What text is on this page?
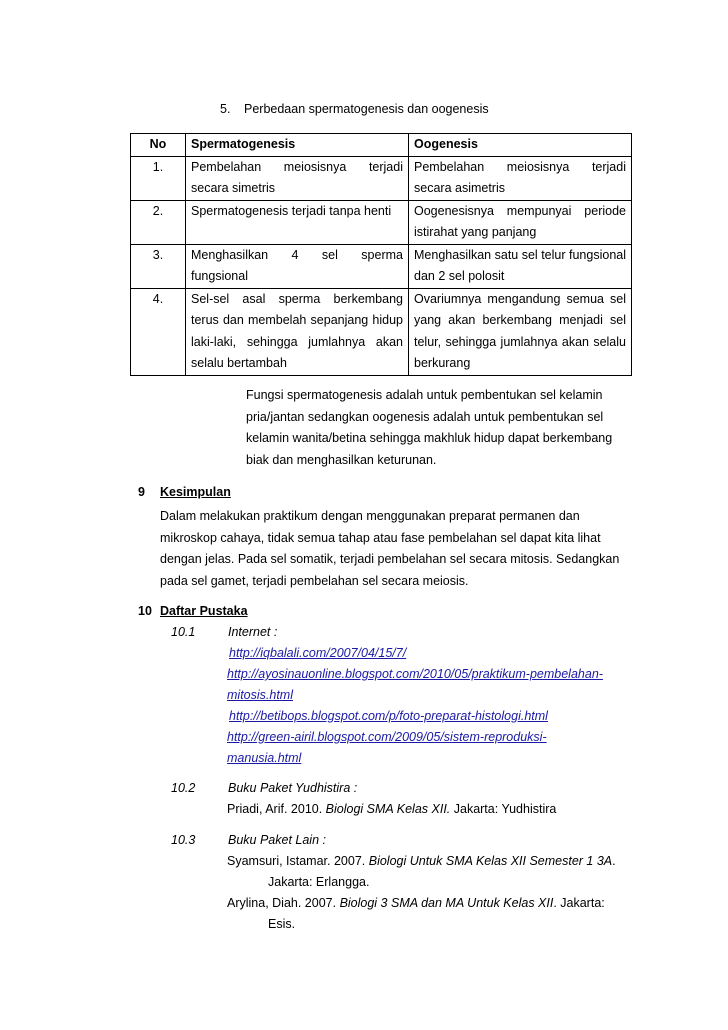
5. Perbedaan spermatogenesis dan oogenesis
No	Spermatogenesis	Oogenesis
1.	Pembelahan meiosisnya terjadi secara simetris	Pembelahan meiosisnya terjadi secara asimetris
2.	Spermatogenesis terjadi tanpa henti	Oogenesisnya mempunyai periode istirahat yang panjang
3.	Menghasilkan 4 sel sperma fungsional	Menghasilkan satu sel telur fungsional dan 2 sel polosit
4.	Sel-sel asal sperma berkembang terus dan membelah sepanjang hidup laki-laki, sehingga jumlahnya akan selalu bertambah	Ovariumnya mengandung semua sel yang akan berkembang menjadi sel telur, sehingga jumlahnya akan selalu berkurang
Fungsi spermatogenesis adalah untuk pembentukan sel kelamin pria/jantan sedangkan oogenesis adalah untuk pembentukan sel kelamin wanita/betina sehingga makhluk hidup dapat berkembang biak dan menghasilkan keturunan.
9 Kesimpulan
Dalam melakukan praktikum dengan menggunakan preparat permanen dan mikroskop cahaya, tidak semua tahap atau fase pembelahan sel dapat kita lihat dengan jelas. Pada sel somatik, terjadi pembelahan sel secara mitosis. Sedangkan pada sel gamet, terjadi pembelahan sel secara meiosis.
10 Daftar Pustaka
10.1	Internet :
http://iqbalali.com/2007/04/15/7/
http://ayosinauonline.blogspot.com/2010/05/praktikum-pembelahan-
mitosis.html
http://betibops.blogspot.com/p/foto-preparat-histologi.html
http://green-airil.blogspot.com/2009/05/sistem-reproduksi-
manusia.html
10.2	Buku Paket Yudhistira :
Priadi, Arif. 2010. Biologi SMA Kelas XII. Jakarta: Yudhistira
10.3	Buku Paket Lain :
Syamsuri, Istamar. 2007. Biologi Untuk SMA Kelas XII Semester 1 3A.
Jakarta: Erlangga.
Arylina, Diah. 2007. Biologi 3 SMA dan MA Untuk Kelas XII. Jakarta:
Esis.
